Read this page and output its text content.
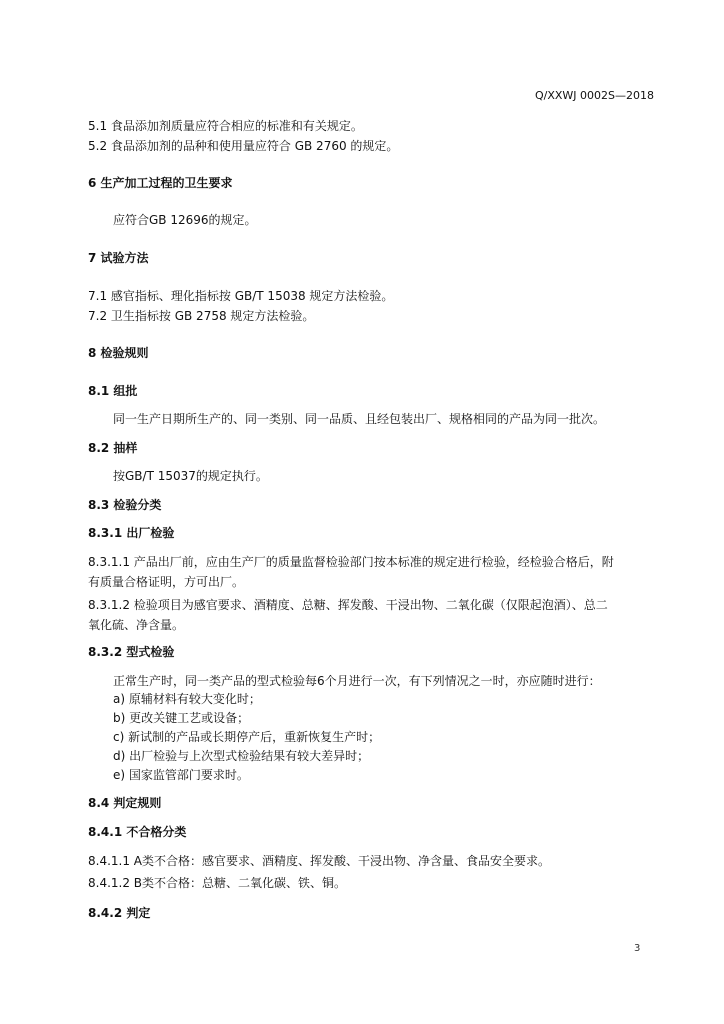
Q/XXWJ 0002S—2018
5.1 食品添加剂质量应符合相应的标准和有关规定。
5.2 食品添加剂的品种和使用量应符合 GB 2760 的规定。
6 生产加工过程的卫生要求
应符合GB 12696的规定。
7 试验方法
7.1 感官指标、理化指标按 GB/T 15038 规定方法检验。
7.2 卫生指标按 GB 2758 规定方法检验。
8 检验规则
8.1 组批
同一生产日期所生产的、同一类别、同一品质、且经包装出厂、规格相同的产品为同一批次。
8.2 抽样
按GB/T 15037的规定执行。
8.3 检验分类
8.3.1 出厂检验
8.3.1.1 产品出厂前，应由生产厂的质量监督检验部门按本标准的规定进行检验，经检验合格后，附
有质量合格证明，方可出厂。
8.3.1.2 检验项目为感官要求、酒精度、总糖、挥发酸、干浸出物、二氧化碳（仅限起泡酒）、总二
氧化硫、净含量。
8.3.2 型式检验
正常生产时，同一类产品的型式检验每6个月进行一次，有下列情况之一时，亦应随时进行：
a) 原辅材料有较大变化时；
b) 更改关键工艺或设备；
c) 新试制的产品或长期停产后，重新恢复生产时；
d) 出厂检验与上次型式检验结果有较大差异时；
e) 国家监管部门要求时。
8.4 判定规则
8.4.1 不合格分类
8.4.1.1 A类不合格：感官要求、酒精度、挥发酸、干浸出物、净含量、食品安全要求。
8.4.1.2 B类不合格：总糖、二氧化碳、铁、铜。
8.4.2 判定
3
